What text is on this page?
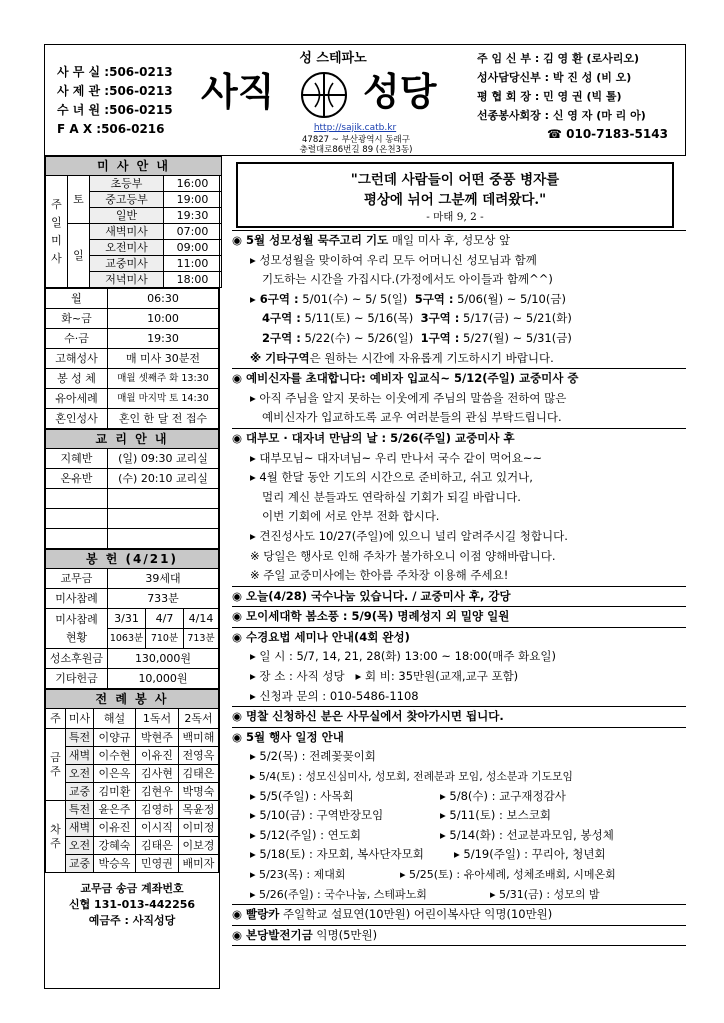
사 무 실 :506-0213
사 제 관 :506-0213
수 녀 원 :506-0215
F A X :506-0216
성 스테파노
사직 성당
http://sajik.catb.kr
47827 ~ 부산광역시 동래구
충렬대로86번길 89 (온천3동)
주 임 신 부 : 김 영 환 (로사리오)
성사담당신부 : 박 진 성 (비 오)
평 협 회 장 : 민 영 권 (빅 톨)
선종봉사회장 : 신 영 자 (마 리 아)
☎ 010-7183-5143
미 사 안 내			
주일미사	토	초등부	16:00
		중고등부	19:00
		일반	19:30
	일	새벽미사	07:00
		오전미사	09:00
		교중미사	11:00
		저녁미사	18:00
월	06:30
화~금	10:00
수·금	19:30
고해성사	매 미사 30분전
봉 성 체	매월 셋째주 화 13:30
유아세례	매월 마지막 토 14:30
혼인성사	혼인 한 달 전 접수
교 리 안 내	
지혜반	(일) 09:30 교리실
온유반	(수) 20:10 교리실

봉 헌 (4/21)			
교무금	39세대		
미사참례	733분		
미사참례
현황	3/31	4/7	4/14
	1063분	710분	713분
성소후원금	130,000원		
기타헌금	10,000원		
전 례 봉 사				
주	미사	해설	1독서	2독서
금주	특전	이양규	박현주	백미해
	새벽	이수현	이유진	전영옥
	오전	이은옥	김사현	김태은
	교중	김미환	김현우	박명숙
차주	특전	윤은주	김영하	목윤정
	새벽	이유진	이시직	이미정
	오전	강혜숙	김태은	이보경
	교중	박승옥	민영권	배미자
교무금 송금 계좌번호
신협 131-013-442256
예금주 : 사직성당
"그런데 사람들이 어떤 중풍 병자를
평상에 뉘어 그분께 데려왔다."
- 마태 9, 2 -
◉ 5월 성모성월 묵주고리 기도 매일 미사 후, 성모상 앞
▸ 성모성월을 맞이하여 우리 모두 어머니신 성모님과 함께
기도하는 시간을 가집시다.(가정에서도 아이들과 함께^^)
▸ 6구역 : 5/01(수) ~ 5/ 5(일) 5구역 : 5/06(월) ~ 5/10(금)
4구역 : 5/11(토) ~ 5/16(목) 3구역 : 5/17(금) ~ 5/21(화)
2구역 : 5/22(수) ~ 5/26(일) 1구역 : 5/27(월) ~ 5/31(금)
※ 기타구역은 원하는 시간에 자유롭게 기도하시기 바랍니다.
◉ 예비신자를 초대합니다: 예비자 입교식~ 5/12(주일) 교중미사 중
▸ 아직 주님을 알지 못하는 이웃에게 주님의 말씀을 전하여 많은
예비신자가 입교하도록 교우 여러분들의 관심 부탁드립니다.
◉ 대부모 · 대자녀 만남의 날 : 5/26(주일) 교중미사 후
▸ 대부모님~ 대자녀님~ 우리 만나서 국수 같이 먹어요~~
▸ 4월 한달 동안 기도의 시간으로 준비하고, 쉬고 있거나,
멀리 계신 분들과도 연락하실 기회가 되길 바랍니다.
이번 기회에 서로 안부 전화 합시다.
▸ 견진성사도 10/27(주일)에 있으니 널리 알려주시길 청합니다.
※ 당일은 행사로 인해 주차가 불가하오니 이점 양해바랍니다.
※ 주일 교중미사에는 한아름 주차장 이용해 주세요!
◉ 오늘(4/28) 국수나눔 있습니다. / 교중미사 후, 강당
◉ 모이세대학 봄소풍 : 5/9(목) 명례성지 외 밀양 일원
◉ 수경요법 세미나 안내(4회 완성)
▸ 일 시 : 5/7, 14, 21, 28(화) 13:00 ~ 18:00(매주 화요일)
▸ 장 소 : 사직 성당 ▸ 회 비: 35만원(교재,교구 포함)
▸ 신청과 문의 : 010-5486-1108
◉ 명찰 신청하신 분은 사무실에서 찾아가시면 됩니다.
◉ 5월 행사 일정 안내
▸ 5/2(목) : 전례꽃꽂이회
▸ 5/4(토) : 성모신심미사, 성모회, 전례분과 모임, 성소분과 기도모임
▸ 5/5(주일) : 사목회	▸ 5/8(수) : 교구재정감사
▸ 5/10(금) : 구역반장모임	▸ 5/11(토) : 보스코회
▸ 5/12(주일) : 연도회	▸ 5/14(화) : 선교분과모임, 봉성체
▸ 5/18(토) : 자모회, 복사단자모회	▸ 5/19(주일) : 꾸리아, 청년회
▸ 5/23(목) : 제대회	▸ 5/25(토) : 유아세례, 성체조배회, 시메온회
▸ 5/26(주일) : 국수나눔, 스테파노회	▸ 5/31(금) : 성모의 밤
◉ 빨랑카 주일학교 설묘연(10만원) 어린이복사단 익명(10만원)
◉ 본당발전기금 익명(5만원)
